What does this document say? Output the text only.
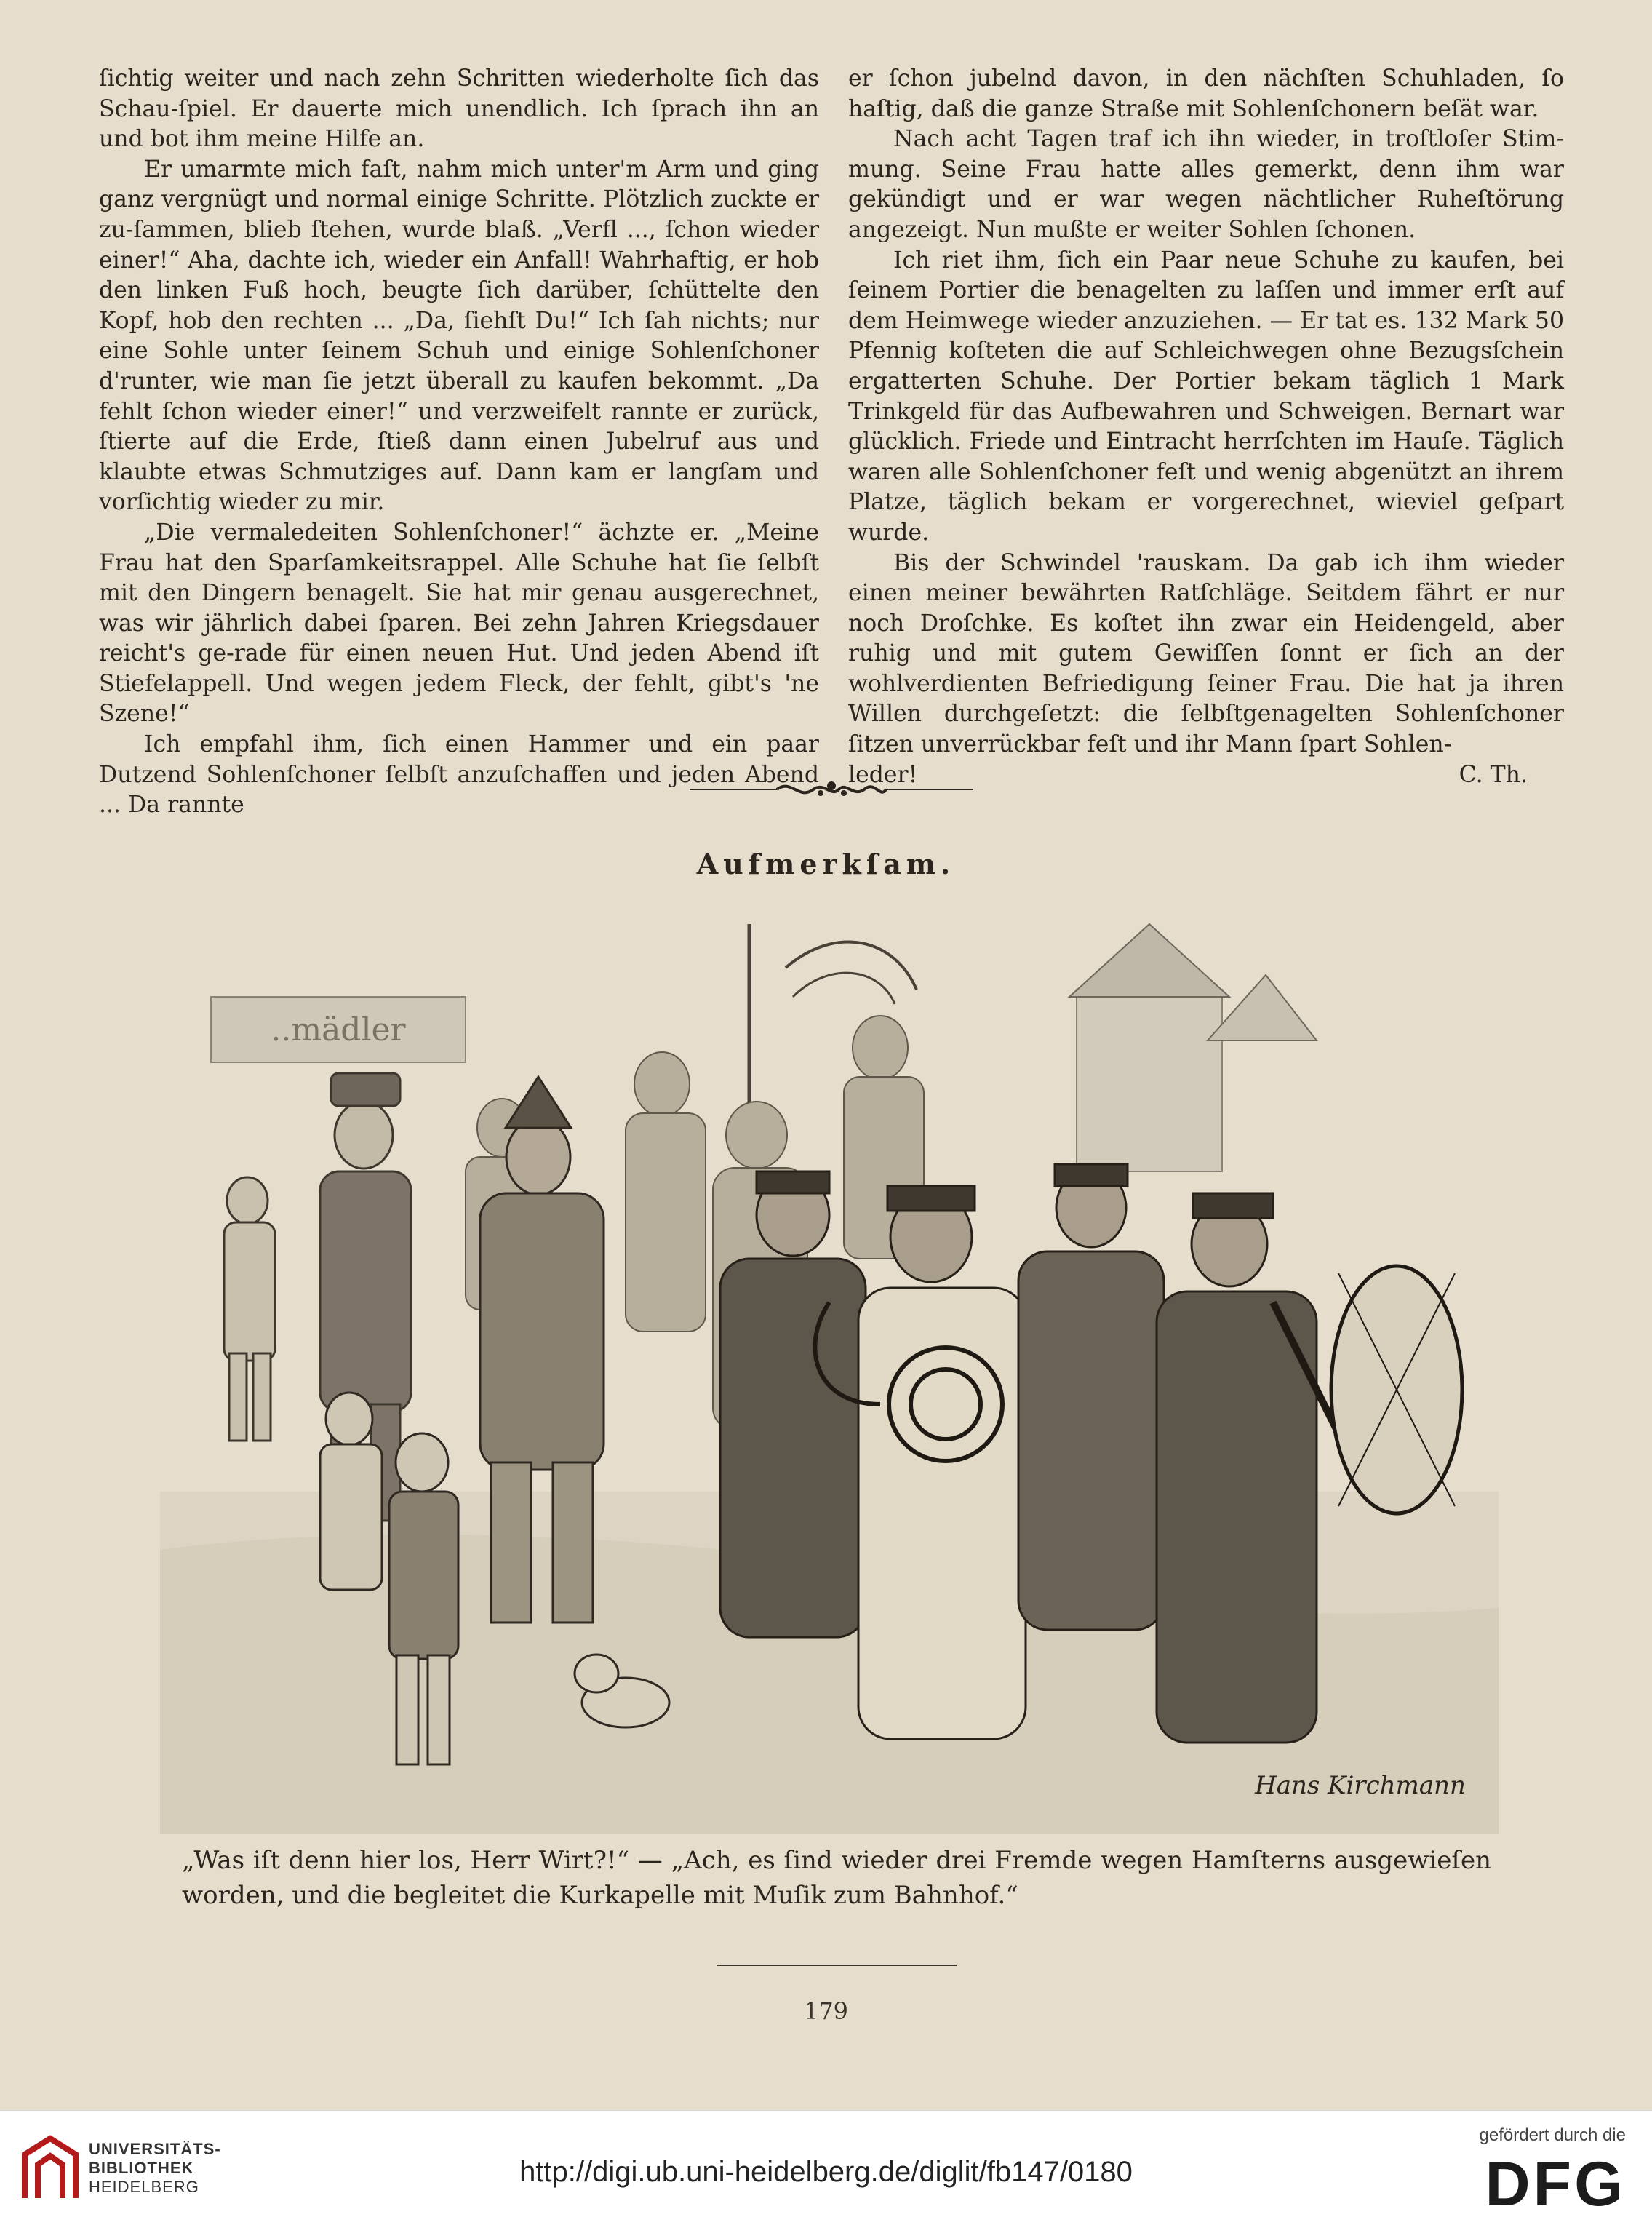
ſichtig weiter und nach zehn Schritten wiederholte ſich das Schau-ſpiel. Er dauerte mich unendlich. Ich ſprach ihn an und bot ihm meine Hilfe an.

Er umarmte mich faſt, nahm mich unter'm Arm und ging ganz vergnügt und normal einige Schritte. Plötzlich zuckte er zu-ſammen, blieb ſtehen, wurde blaß. „Verfl ..., ſchon wieder einer!“ Aha, dachte ich, wieder ein Anfall! Wahrhaftig, er hob den linken Fuß hoch, beugte ſich darüber, ſchüttelte den Kopf, hob den rechten ... „Da, ſiehſt Du!“ Ich ſah nichts; nur eine Sohle unter ſeinem Schuh und einige Sohlenſchoner d'runter, wie man ſie jetzt überall zu kaufen bekommt. „Da fehlt ſchon wieder einer!“ und verzweifelt rannte er zurück, ſtierte auf die Erde, ſtieß dann einen Jubelruf aus und klaubte etwas Schmutziges auf. Dann kam er langſam und vorſichtig wieder zu mir.

„Die vermaledeiten Sohlenſchoner!“ ächzte er. „Meine Frau hat den Sparſamkeitsrappel. Alle Schuhe hat ſie ſelbſt mit den Dingern benagelt. Sie hat mir genau ausgerechnet, was wir jährlich dabei ſparen. Bei zehn Jahren Kriegsdauer reicht's ge-rade für einen neuen Hut. Und jeden Abend iſt Stiefelappell. Und wegen jedem Fleck, der fehlt, gibt's 'ne Szene!“

Ich empfahl ihm, ſich einen Hammer und ein paar Dutzend Sohlenſchoner ſelbſt anzuſchaffen und jeden Abend ... Da rannte

er ſchon jubelnd davon, in den nächſten Schuhladen, ſo haſtig, daß die ganze Straße mit Sohlenſchonern beſät war.

Nach acht Tagen traf ich ihn wieder, in troſtloſer Stim-mung. Seine Frau hatte alles gemerkt, denn ihm war gekündigt und er war wegen nächtlicher Ruheſtörung angezeigt. Nun mußte er weiter Sohlen ſchonen.

Ich riet ihm, ſich ein Paar neue Schuhe zu kaufen, bei ſeinem Portier die benagelten zu laſſen und immer erſt auf dem Heimwege wieder anzuziehen. — Er tat es. 132 Mark 50 Pfennig koſteten die auf Schleichwegen ohne Bezugsſchein ergatterten Schuhe. Der Portier bekam täglich 1 Mark Trinkgeld für das Aufbewahren und Schweigen. Bernart war glücklich. Friede und Eintracht herrſchten im Hauſe. Täglich waren alle Sohlenſchoner feſt und wenig abgenützt an ihrem Platze, täglich bekam er vorgerechnet, wieviel geſpart wurde.

Bis der Schwindel 'rauskam. Da gab ich ihm wieder einen meiner bewährten Ratſchläge. Seitdem fährt er nur noch Droſchke. Es koſtet ihn zwar ein Heidengeld, aber ruhig und mit gutem Gewiſſen ſonnt er ſich an der wohlverdienten Befriedigung ſeiner Frau. Die hat ja ihren Willen durchgeſetzt: die ſelbſtgenagelten Sohlenſchoner ſitzen unverrückbar feſt und ihr Mann ſpart Sohlen-

leder!	C. Th.
Aufmerkſam.
..mädler
Hans Kirchmann
„Was iſt denn hier los, Herr Wirt?!“ — „Ach, es ſind wieder drei Fremde wegen Hamſterns ausgewieſen worden, und die begleitet die Kurkapelle mit Muſik zum Bahnhof.“
179
UNIVERSITÄTS-
BIBLIOTHEK
HEIDELBERG	http://digi.ub.uni-heidelberg.de/diglit/fb147/0180
gefördert durch die
DFG
